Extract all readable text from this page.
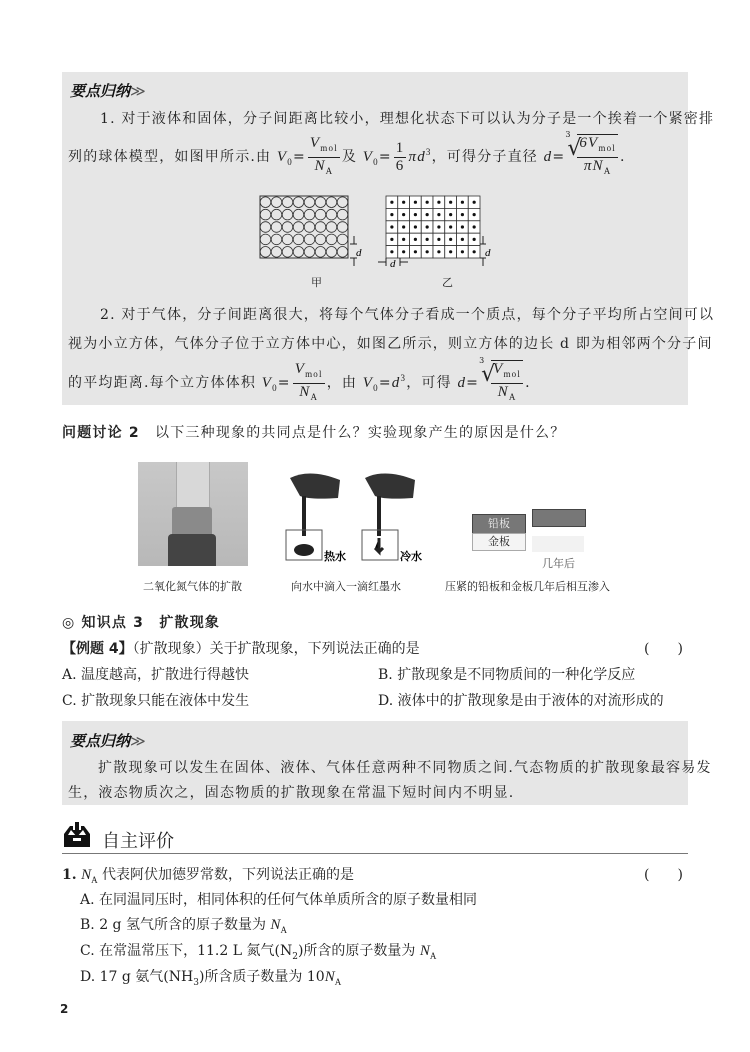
要点归纳≫
1. 对于液体和固体，分子间距离比较小，理想化状态下可以认为分子是一个挨着一个紧密排
列的球体模型，如图甲所示.由 $V_0= \frac{V_{mol}}{N_A}$ 及 $V_0= \frac{1}{6} \pi d^3$，可得分子直径 d=
3
√
$\frac{6V_{mol}}{\pi N_A}$ .
d
d
d
甲	乙
2. 对于气体，分子间距离很大，将每个气体分子看成一个质点，每个分子平均所占空间可以
视为小立方体，气体分子位于立方体中心，如图乙所示，则立方体的边长 d 即为相邻两个分子间
的平均距离.每个立方体体积 $V_0= \frac{V_{mol}}{N_A}$ ，由 $V_0=d^3$，可得 d=
3
√
$\frac{V_{mol}}{N_A}$ .
问题讨论 2　 以下三种现象的共同点是什么？实验现象产生的原因是什么？
热水	冷水
铅板
金板
几年后
二氧化氮气体的扩散	向水中滴入一滴红墨水	压紧的铅板和金板几年后相互渗入
◎ 知识点 3　扩散现象
【例题 4】（扩散现象）关于扩散现象，下列说法正确的是	(　　)
A. 温度越高，扩散进行得越快	B. 扩散现象是不同物质间的一种化学反应
C. 扩散现象只能在液体中发生	D. 液体中的扩散现象是由于液体的对流形成的
要点归纳≫
扩散现象可以发生在固体、液体、气体任意两种不同物质之间.气态物质的扩散现象最容易发
生，液态物质次之，固态物质的扩散现象在常温下短时间内不明显.
自主评价
1. $N_A$ 代表阿伏加德罗常数，下列说法正确的是	(　　)
A. 在同温同压时，相同体积的任何气体单质所含的原子数量相同
B. 2 g 氢气所含的原子数量为 $N_A$
C. 在常温常压下，11.2 L 氮气$(N_2)$所含的原子数量为 $N_A$
D. 17 g 氨气$(NH_3)$所含质子数量为 $10N_A$
2
